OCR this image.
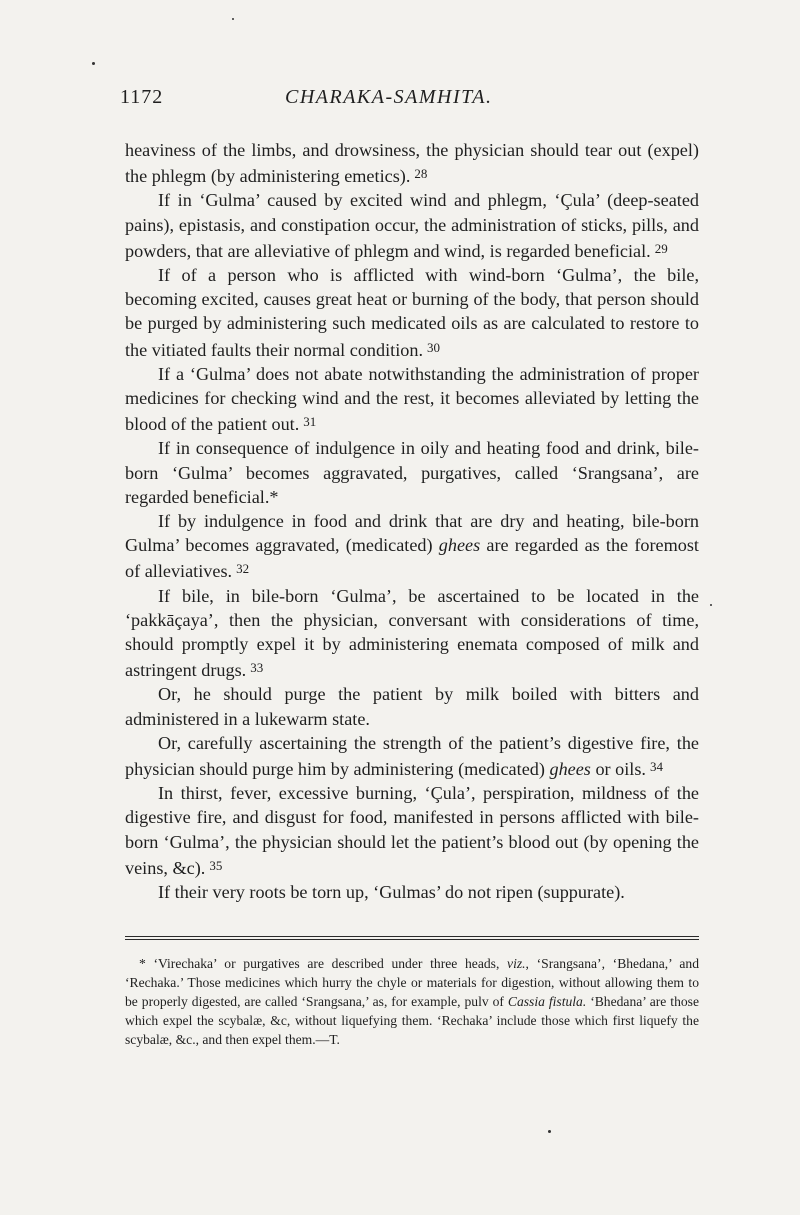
1172	CHARAKA-SAMHITA.

heaviness of the limbs, and drowsiness, the physician should tear out (expel) the phlegm (by administering emetics). $^{28}$

If in ‘Gulma’ caused by excited wind and phlegm, ‘Çula’ (deep-seated pains), epistasis, and constipation occur, the administration of sticks, pills, and powders, that are alleviative of phlegm and wind, is regarded beneficial. $^{29}$

If of a person who is afflicted with wind-born ‘Gulma’, the bile, becoming excited, causes great heat or burning of the body, that person should be purged by administering such medicated oils as are calculated to restore to the vitiated faults their normal condition. $^{30}$

If a ‘Gulma’ does not abate notwithstanding the administration of proper medicines for checking wind and the rest, it becomes alleviated by letting the blood of the patient out. $^{31}$

If in consequence of indulgence in oily and heating food and drink, bile-born ‘Gulma’ becomes aggravated, purgatives, called ‘Srangsana’, are regarded beneficial.*

If by indulgence in food and drink that are dry and heating, bile-born Gulma’ becomes aggravated, (medicated) ghees are regarded as the foremost of alleviatives. $^{32}$

If bile, in bile-born ‘Gulma’, be ascertained to be located in the ‘pakkāçaya’, then the physician, conversant with considerations of time, should promptly expel it by administering enemata composed of milk and astringent drugs. $^{33}$

Or, he should purge the patient by milk boiled with bitters and administered in a lukewarm state.

Or, carefully ascertaining the strength of the patient’s digestive fire, the physician should purge him by administering (medicated) ghees or oils. $^{34}$

In thirst, fever, excessive burning, ‘Çula’, perspiration, mildness of the digestive fire, and disgust for food, manifested in persons afflicted with bile-born ‘Gulma’, the physician should let the patient’s blood out (by opening the veins, &c). $^{35}$

If their very roots be torn up, ‘Gulmas’ do not ripen (suppurate).

* ‘Virechaka’ or purgatives are described under three heads, viz., ‘Srangsana’, ‘Bhedana,’ and ‘Rechaka.’ Those medicines which hurry the chyle or materials for digestion, without allowing them to be properly digested, are called ‘Srangsana,’ as, for example, pulv of Cassia fistula. ‘Bhedana’ are those which expel the scybalæ, &c, without liquefying them. ‘Rechaka’ include those which first liquefy the scybalæ, &c., and then expel them.—T.
